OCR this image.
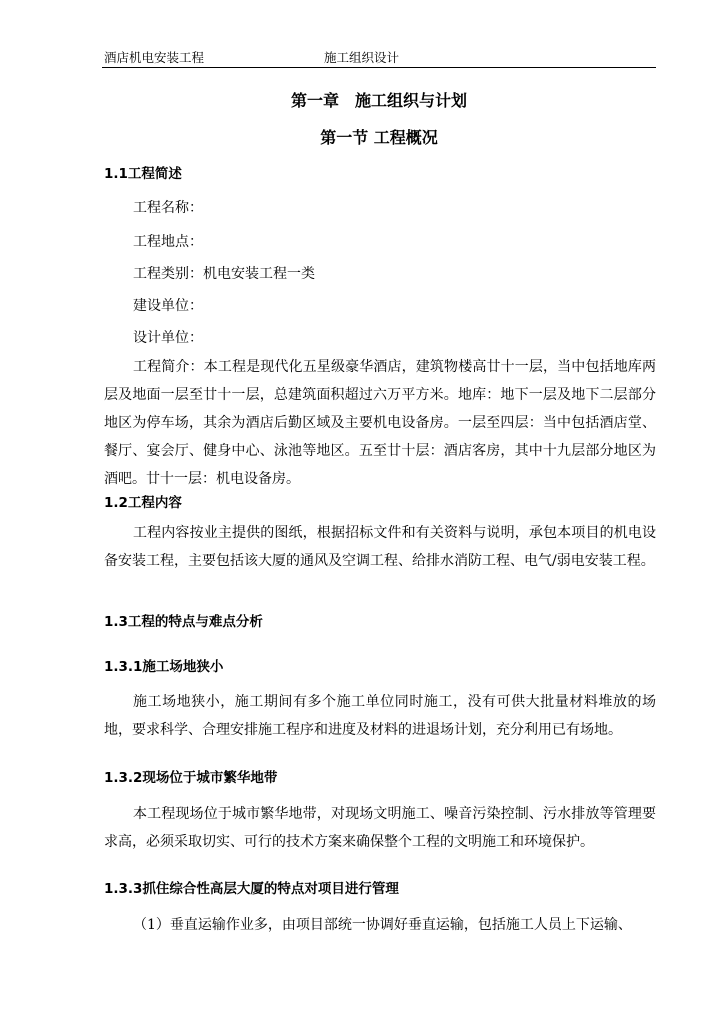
酒店机电安装工程	施工组织设计
第一章　施工组织与计划
第一节 工程概况
1.1工程简述
工程名称：
工程地点：
工程类别：机电安装工程一类
建设单位：
设计单位：

工程简介：本工程是现代化五星级豪华酒店，建筑物楼高廿十一层，当中包括地库两层及地面一层至廿十一层，总建筑面积超过六万平方米。地库：地下一层及地下二层部分地区为停车场，其余为酒店后勤区域及主要机电设备房。一层至四层：当中包括酒店堂、餐厅、宴会厅、健身中心、泳池等地区。五至廿十层：酒店客房，其中十九层部分地区为酒吧。廿十一层：机电设备房。

1.2工程内容

工程内容按业主提供的图纸，根据招标文件和有关资料与说明，承包本项目的机电设备安装工程，主要包括该大厦的通风及空调工程、给排水消防工程、电气/弱电安装工程。

1.3工程的特点与难点分析
1.3.1施工场地狭小

施工场地狭小，施工期间有多个施工单位同时施工，没有可供大批量材料堆放的场地，要求科学、合理安排施工程序和进度及材料的进退场计划，充分利用已有场地。

1.3.2现场位于城市繁华地带

本工程现场位于城市繁华地带，对现场文明施工、噪音污染控制、污水排放等管理要求高，必须采取切实、可行的技术方案来确保整个工程的文明施工和环境保护。

1.3.3抓住综合性高层大厦的特点对项目进行管理

（1）垂直运输作业多，由项目部统一协调好垂直运输，包括施工人员上下运输、
